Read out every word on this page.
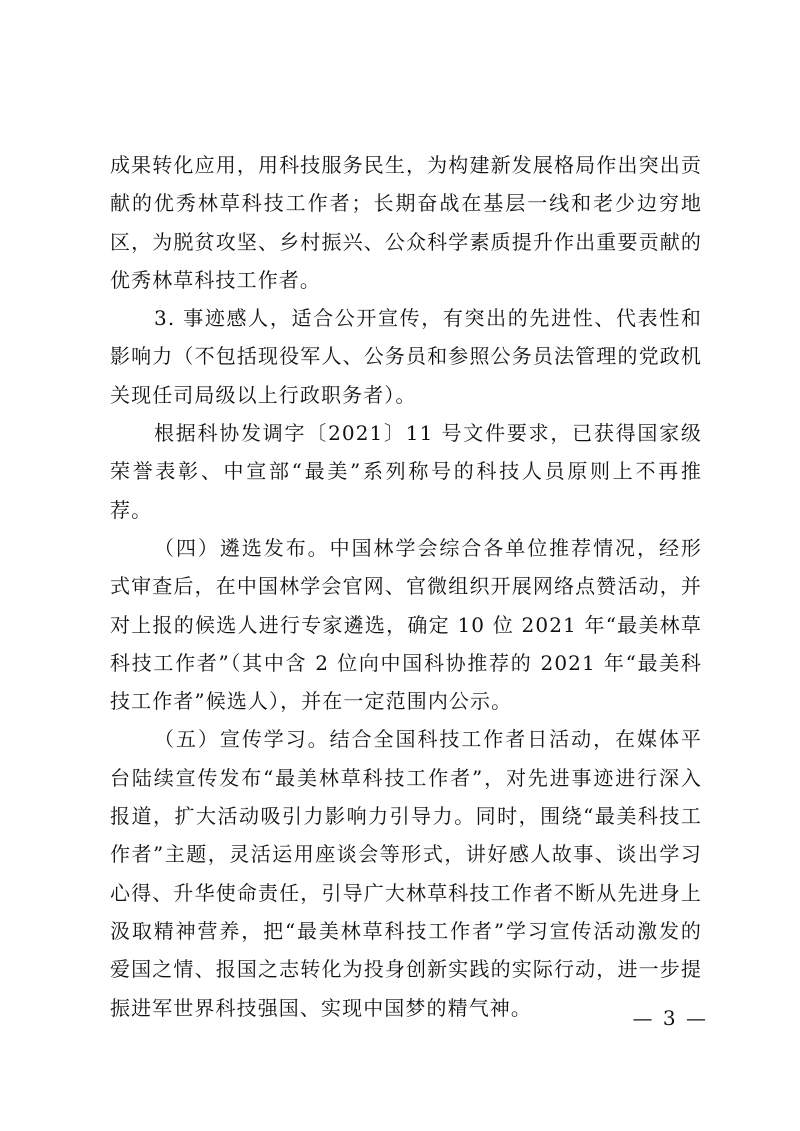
成果转化应用，用科技服务民生，为构建新发展格局作出突出贡献的优秀林草科技工作者；长期奋战在基层一线和老少边穷地区，为脱贫攻坚、乡村振兴、公众科学素质提升作出重要贡献的优秀林草科技工作者。

3. 事迹感人，适合公开宣传，有突出的先进性、代表性和影响力（不包括现役军人、公务员和参照公务员法管理的党政机关现任司局级以上行政职务者）。

根据科协发调字〔2021〕11 号文件要求，已获得国家级荣誉表彰、中宣部“最美”系列称号的科技人员原则上不再推荐。

（四）遴选发布。中国林学会综合各单位推荐情况，经形式审查后，在中国林学会官网、官微组织开展网络点赞活动，并对上报的候选人进行专家遴选，确定 10 位 2021 年“最美林草科技工作者”（其中含 2 位向中国科协推荐的 2021 年“最美科技工作者”候选人），并在一定范围内公示。

（五）宣传学习。结合全国科技工作者日活动，在媒体平台陆续宣传发布“最美林草科技工作者”，对先进事迹进行深入报道，扩大活动吸引力影响力引导力。同时，围绕“最美科技工作者”主题，灵活运用座谈会等形式，讲好感人故事、谈出学习心得、升华使命责任，引导广大林草科技工作者不断从先进身上汲取精神营养，把“最美林草科技工作者”学习宣传活动激发的爱国之情、报国之志转化为投身创新实践的实际行动，进一步提振进军世界科技强国、实现中国梦的精气神。	— 3 —
